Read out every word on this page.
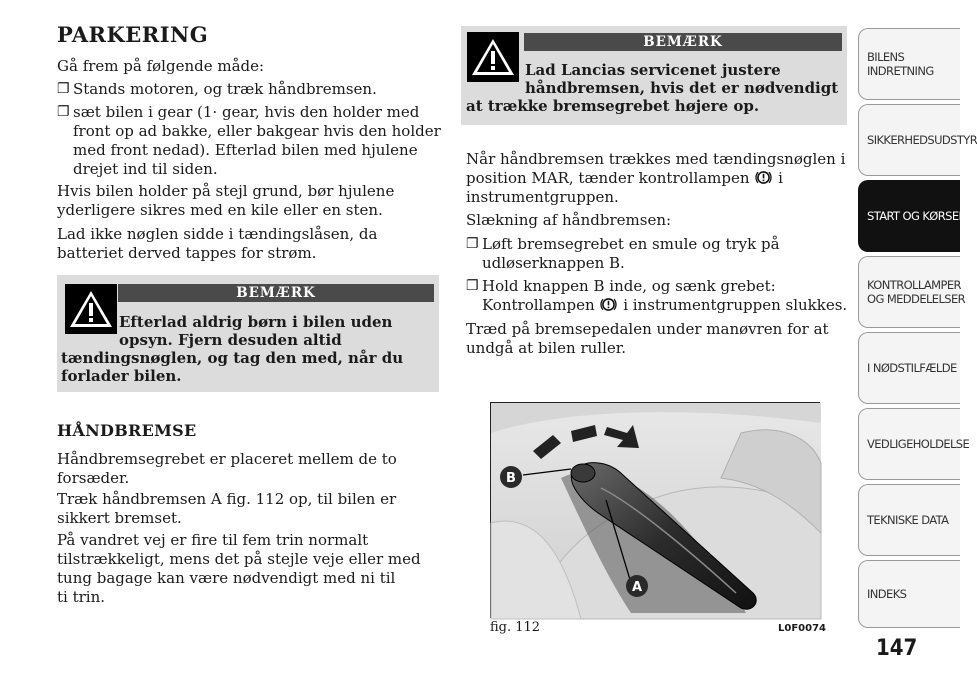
PARKERING
Gå frem på følgende måde:
❐ Stands motoren, og træk håndbremsen.
❐ sæt bilen i gear (1· gear, hvis den holder med
front op ad bakke, eller bakgear hvis den holder
med front nedad). Efterlad bilen med hjulene
drejet ind til siden.
Hvis bilen holder på stejl grund, bør hjulene
yderligere sikres med en kile eller en sten.
Lad ikke nøglen sidde i tændingslåsen, da
batteriet derved tappes for strøm.
BEMÆRK
Efterlad aldrig børn i bilen uden
opsyn. Fjern desuden altid
tændingsnøglen, og tag den med, når du
forlader bilen.
HÅNDBREMSE
Håndbremsegrebet er placeret mellem de to
forsæder.
Træk håndbremsen A fig. 112 op, til bilen er
sikkert bremset.
På vandret vej er fire til fem trin normalt
tilstrækkeligt, mens det på stejle veje eller med
tung bagage kan være nødvendigt med ni til
ti trin.
BEMÆRK
Lad Lancias servicenet justere
håndbremsen, hvis det er nødvendigt
at trække bremsegrebet højere op.
Når håndbremsen trækkes med tændingsnøglen i
position MAR, tænder kontrollampen i
instrumentgruppen.
Slækning af håndbremsen:
❐ Løft bremsegrebet en smule og tryk på
udløserknappen B.
❐ Hold knappen B inde, og sænk grebet:
Kontrollampen i instrumentgruppen slukkes.
Træd på bremsepedalen under manøvren for at
undgå at bilen ruller.
B
A
fig. 112	L0F0074
BILENS
INDRETNING
SIKKERHEDSUDSTYR
START OG KØRSEL
KONTROLLAMPER
OG MEDDELELSER
I NØDSTILFÆLDE
VEDLIGEHOLDELSE
TEKNISKE DATA
INDEKS
147
